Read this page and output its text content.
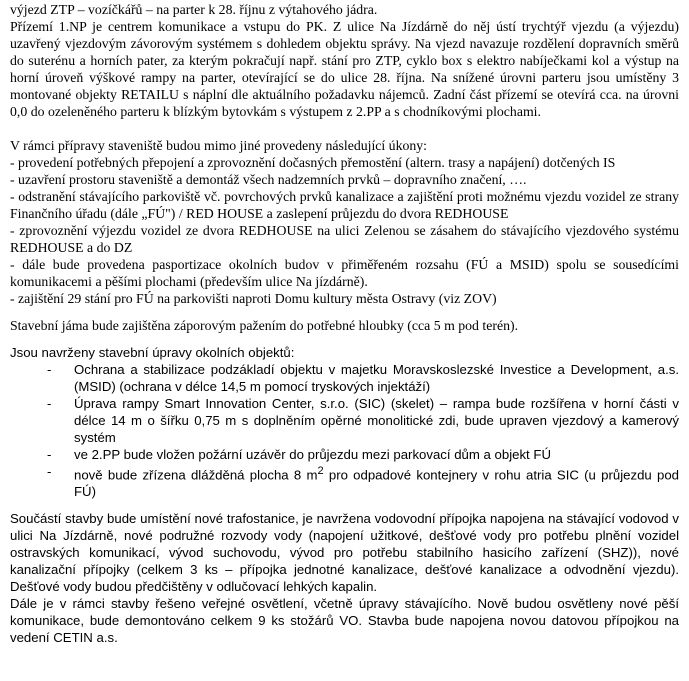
výjezd ZTP – vozíčkářů – na parter k 28. říjnu z výtahového jádra.

Přízemí 1.NP je centrem komunikace a vstupu do PK. Z ulice Na Jízdárně do něj ústí trychtýř vjezdu (a výjezdu) uzavřený vjezdovým závorovým systémem s dohledem objektu správy. Na vjezd navazuje rozdělení dopravních směrů do suterénu a horních pater, za kterým pokračují např. stání pro ZTP, cyklo box s elektro nabíječkami kol a výstup na horní úroveň výškové rampy na parter, otevírající se do ulice 28. října. Na snížené úrovni parteru jsou umístěny 3 montované objekty RETAILU s náplní dle aktuálního požadavku nájemců. Zadní část přízemí se otevírá cca. na úrovni 0,0 do ozeleněného parteru k blízkým bytovkám s výstupem z 2.PP a s chodníkovými plochami.

V rámci přípravy staveniště budou mimo jiné provedeny následující úkony:

- provedení potřebných přepojení a zprovoznění dočasných přemostění (altern. trasy a napájení) dotčených IS
- uzavření prostoru staveniště a demontáž všech nadzemních prvků – dopravního značení, ….
- odstranění stávajícího parkoviště vč. povrchových prvků kanalizace a zajištění proti možnému vjezdu vozidel ze strany Finančního úřadu (dále „FÚ") / RED HOUSE a zaslepení průjezdu do dvora REDHOUSE
- zprovoznění výjezdu vozidel ze dvora REDHOUSE na ulici Zelenou se zásahem do stávajícího vjezdového systému REDHOUSE a do DZ
- dále bude provedena pasportizace okolních budov v přiměřeném rozsahu (FÚ a MSID) spolu se sousedícími komunikacemi a pěšími plochami (především ulice Na jízdárně).
- zajištění 29 stání pro FÚ na parkovišti naproti Domu kultury města Ostravy (viz ZOV)

Stavební jáma bude zajištěna záporovým pažením do potřebné hloubky (cca 5 m pod terén).

Jsou navrženy stavební úpravy okolních objektů:

- Ochrana a stabilizace podzákladí objektu v majetku Moravskoslezské Investice a Development, a.s. (MSID) (ochrana v délce 14,5 m pomocí tryskových injektáží)
- Úprava rampy Smart Innovation Center, s.r.o. (SIC) (skelet) – rampa bude rozšířena v horní části v délce 14 m o šířku 0,75 m s doplněním opěrné monolitické zdi, bude upraven vjezdový a kamerový systém
- ve 2.PP bude vložen požární uzávěr do průjezdu mezi parkovací dům a objekt FÚ
- nově bude zřízena dlážděná plocha 8 $m^2$ pro odpadové kontejnery v rohu atria SIC (u průjezdu pod FÚ)

Součástí stavby bude umístění nové trafostanice, je navržena vodovodní přípojka napojena na stávající vodovod v ulici Na Jízdárně, nové podružné rozvody vody (napojení užitkové, dešťové vody pro potřebu plnění vozidel ostravských komunikací, vývod suchovodu, vývod pro potřebu stabilního hasicího zařízení (SHZ)), nové kanalizační přípojky (celkem 3 ks – přípojka jednotné kanalizace, dešťové kanalizace a odvodnění vjezdu). Dešťové vody budou předčištěny v odlučovací lehkých kapalin.

Dále je v rámci stavby řešeno veřejné osvětlení, včetně úpravy stávajícího. Nově budou osvětleny nové pěší komunikace, bude demontováno celkem 9 ks stožárů VO. Stavba bude napojena novou datovou přípojkou na vedení CETIN a.s.
